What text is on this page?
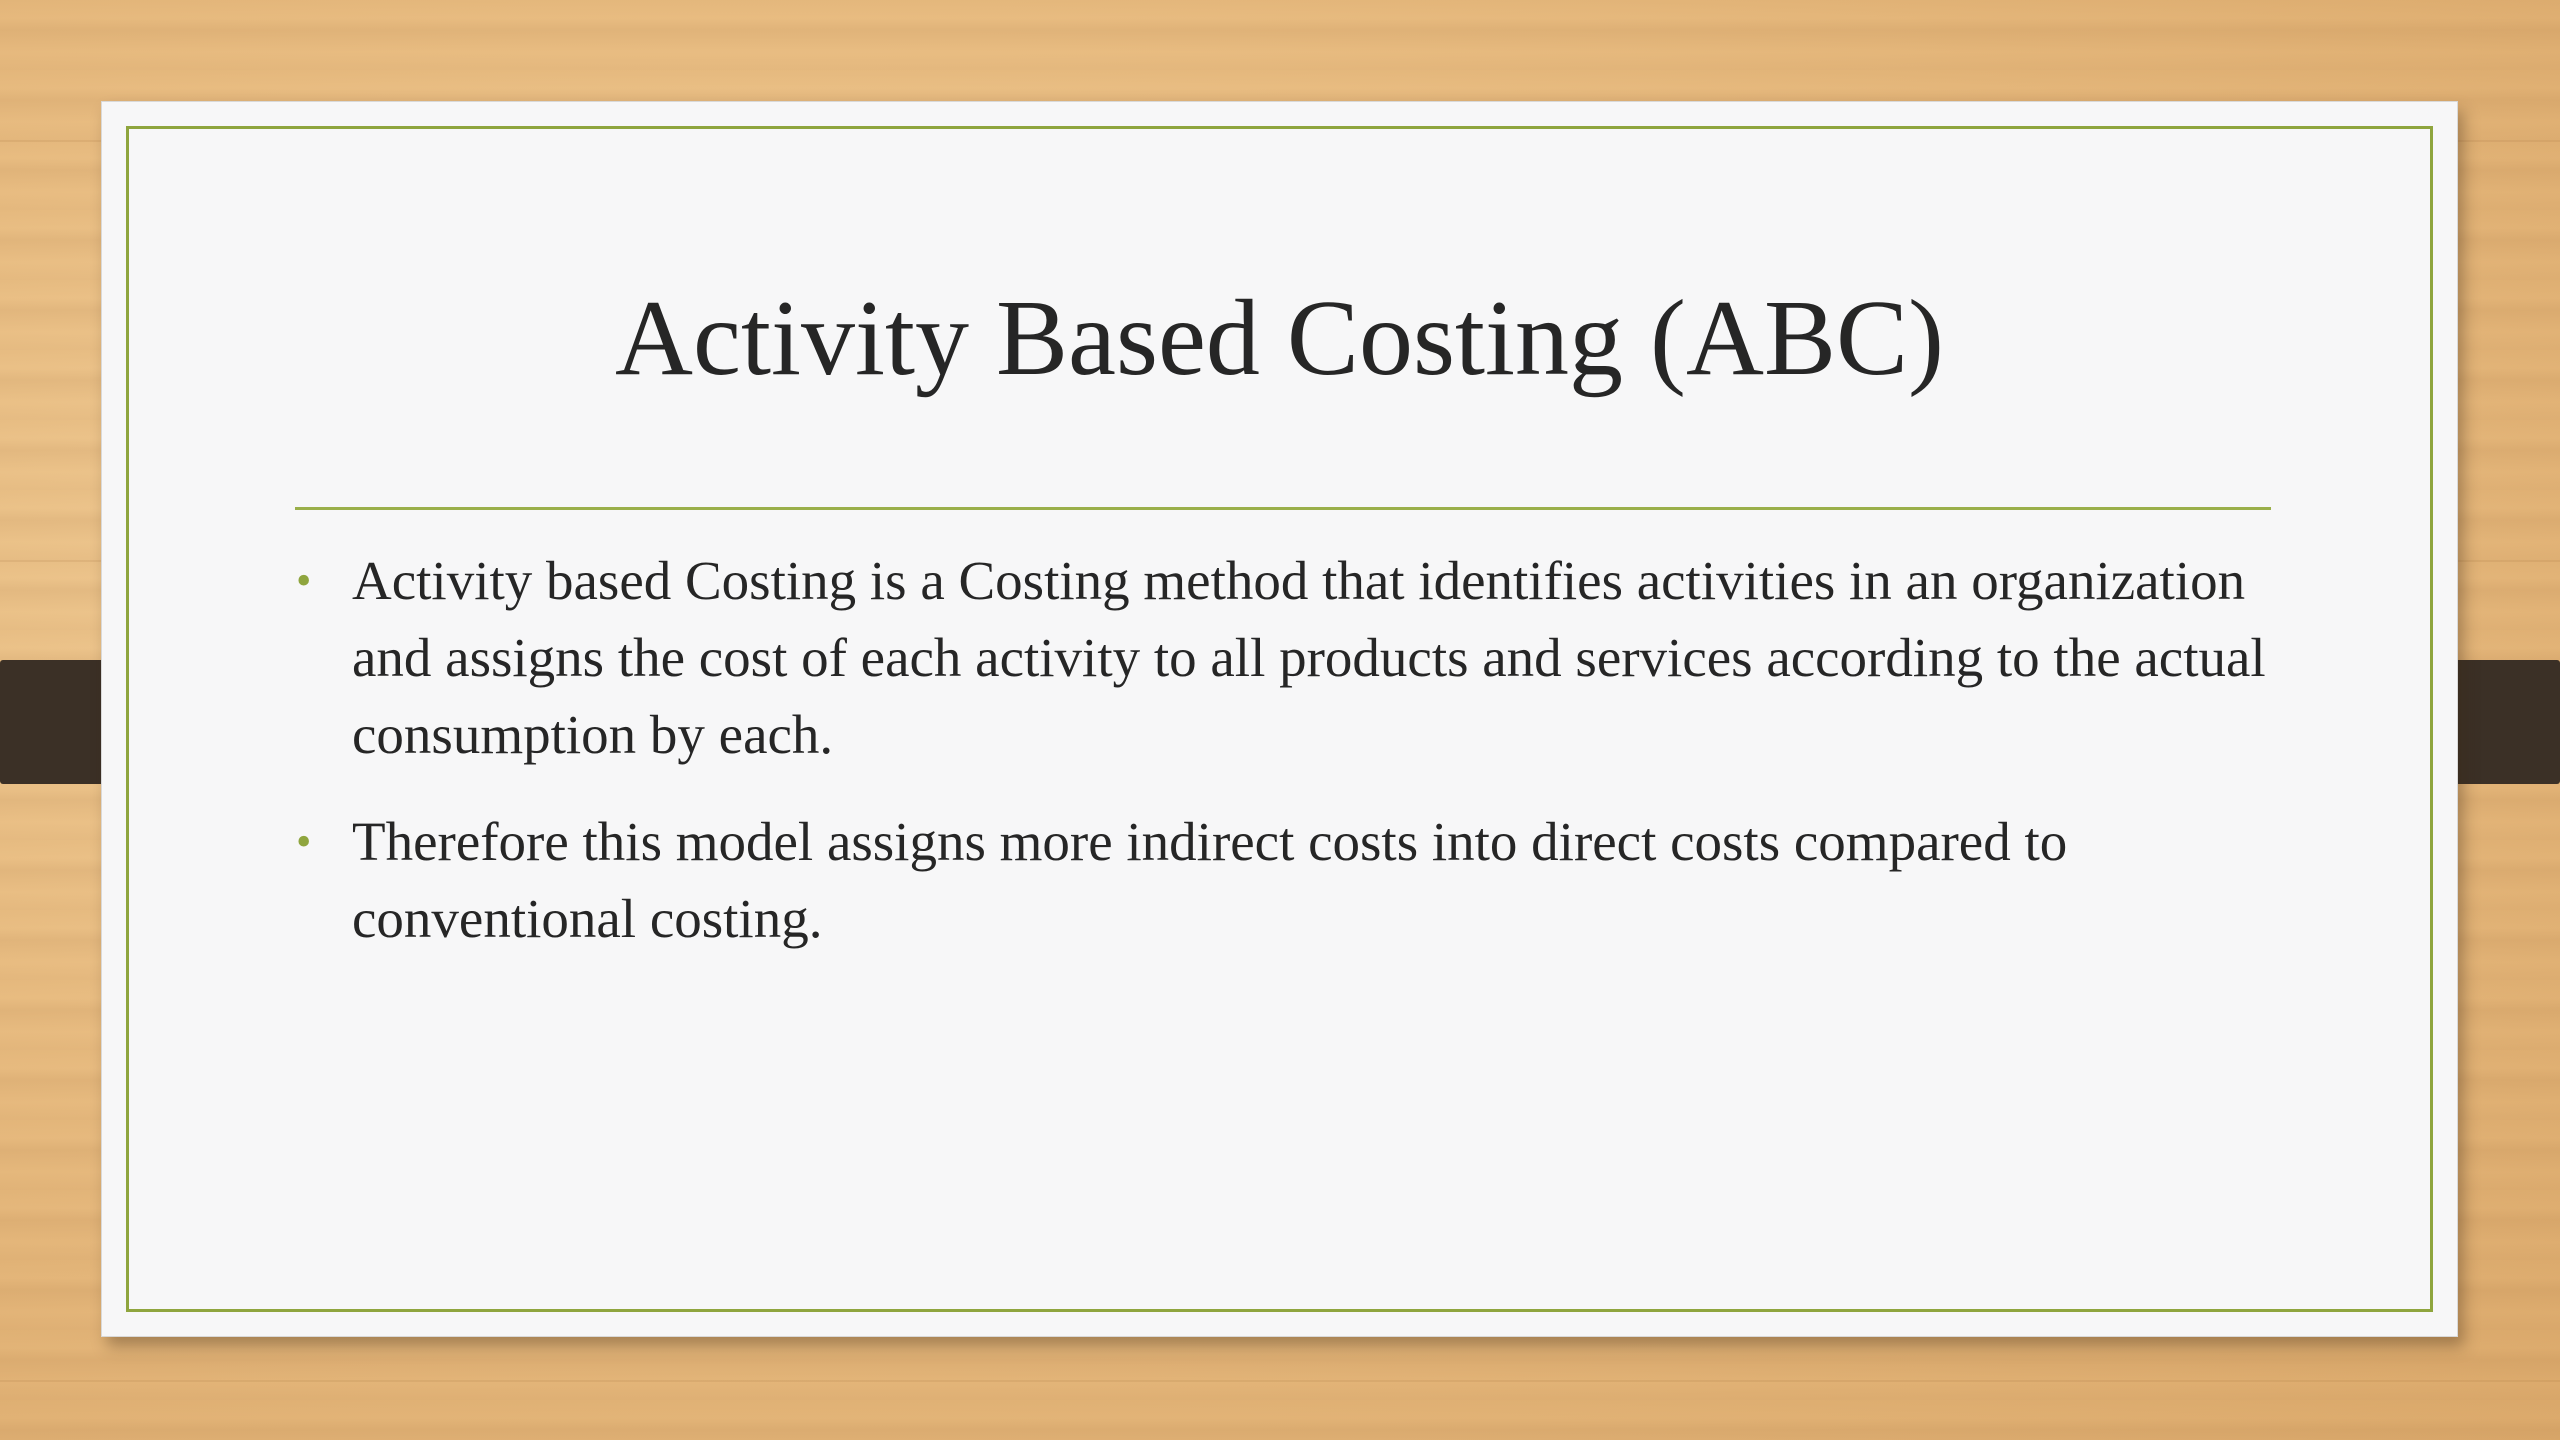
Activity Based Costing (ABC)
• Activity based Costing is a Costing method that identifies activities in an organization and assigns the cost of each activity to all products and services according to the actual consumption by each.
• Therefore this model assigns more indirect costs into direct costs compared to conventional costing.
